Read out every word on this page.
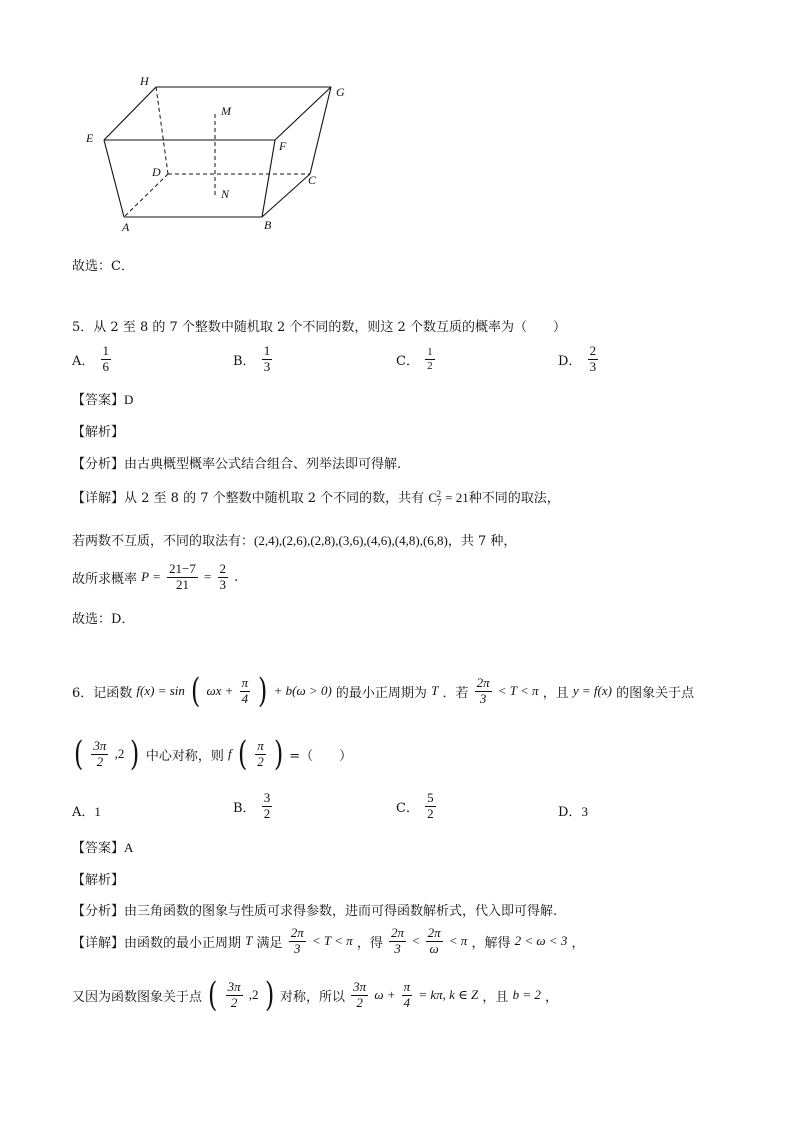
H
G
M
E
F
D
N
C
A	B
故选：C．
5．从 2 至 8 的 7 个整数中随机取 2 个不同的数，则这 2 个数互质的概率为（　　）
A． $\frac{1}{6}$	B． $\frac{1}{3}$	C． $\frac{1}{2}$	D． $\frac{2}{3}$
【答案】D
【解析】
【分析】由古典概型概率公式结合组合、列举法即可得解.
【详解】从 2 至 8 的 7 个整数中随机取 2 个不同的数，共有 $C_7^2 = 21$种不同的取法，
若两数不互质，不同的取法有：(2,4),(2,6),(2,8),(3,6),(4,6),(4,8),(6,8)，共 7 种，
故所求概率 $P = \frac{21-7}{21} = \frac{2}{3}$ .
故选：D．
6．记函数 f(x) = sin ( $\omega x + \frac{\pi}{4}$ ) + b(ω > 0) 的最小正周期为 T ．若 $\frac{2\pi}{3} < T < \pi$ ，且 y = f(x) 的图象关于点
( $\frac{3\pi}{2} ,2$ ) 中心对称，则 f ( $\frac{\pi}{2}$ ) =（　　）
A．1	B． $\frac{3}{2}$	C． $\frac{5}{2}$	D．3
【答案】A
【解析】
【分析】由三角函数的图象与性质可求得参数，进而可得函数解析式，代入即可得解.
【详解】由函数的最小正周期 T 满足 $\frac{2\pi}{3} < T < \pi$ ，得 $\frac{2\pi}{3} < \frac{2\pi}{\omega} < \pi$ ，解得 2 < ω < 3 ，
又因为函数图象关于点 ( $\frac{3\pi}{2} ,2$ ) 对称，所以 $\frac{3\pi}{2}$ $\omega + \frac{\pi}{4} = k\pi$, k ∈ Z ，且 b = 2 ，
